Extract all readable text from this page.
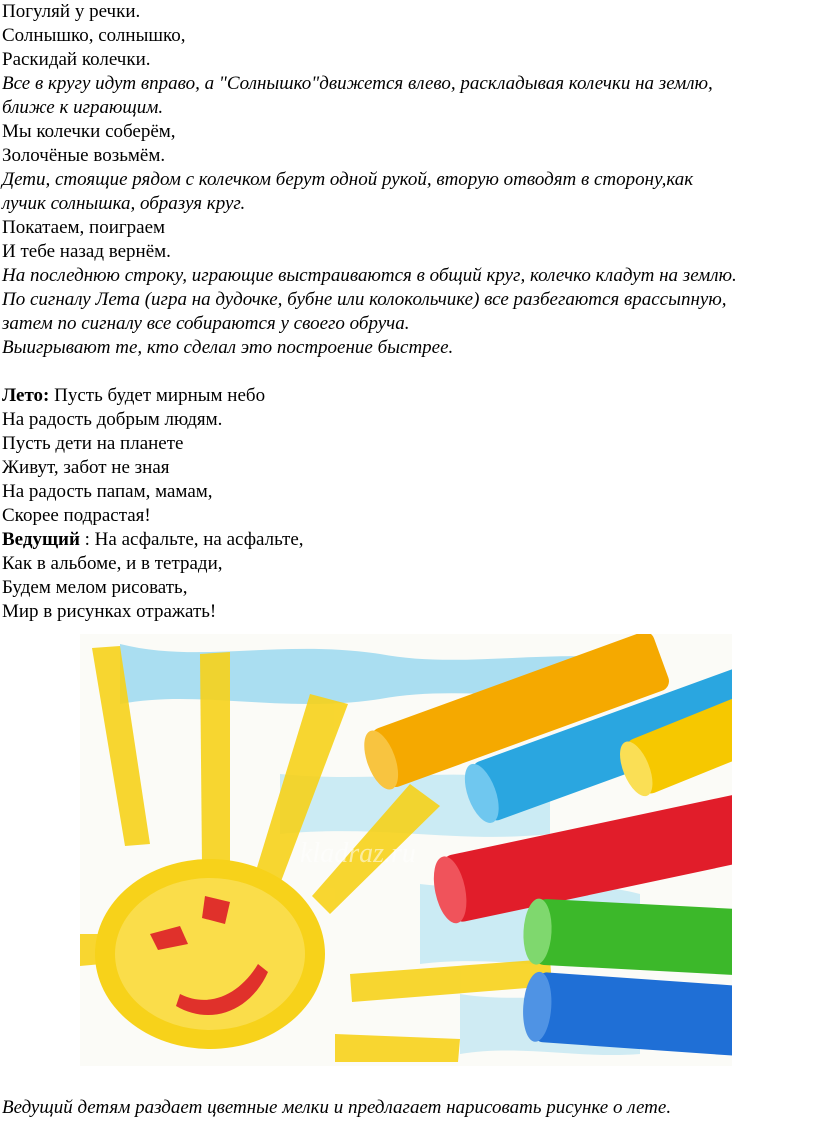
Погуляй у речки.
Солнышко, солнышко,
Раскидай колечки.
Все в кругу идут вправо, а "Солнышко"движется влево, раскладывая колечки на землю,
ближе к играющим.
Мы колечки соберём,
Золочёные возьмём.
Дети, стоящие рядом с колечком берут одной рукой, вторую отводят в сторону,как
лучик солнышка, образуя круг.
Покатаем, поиграем
И тебе назад вернём.
На последнюю строку, играющие выстраиваются в общий круг, колечко кладут на землю.
По сигналу Лета (игра на дудочке, бубне или колокольчике) все разбегаются врассыпную,
затем по сигналу все собираются у своего обруча.
Выигрывают те, кто сделал это построение быстрее.
Лето: Пусть будет мирным небо
На радость добрым людям.
Пусть дети на планете
Живут, забот не зная
На радость папам, мамам,
Скорее подрастая!
Ведущий : На асфальте, на асфальте,
Как в альбоме, и в тетради,
Будем мелом рисовать,
Мир в рисунках отражать!
kladraz.ru
Ведущий детям раздает цветные мелки и предлагает нарисовать рисунке о лете.
